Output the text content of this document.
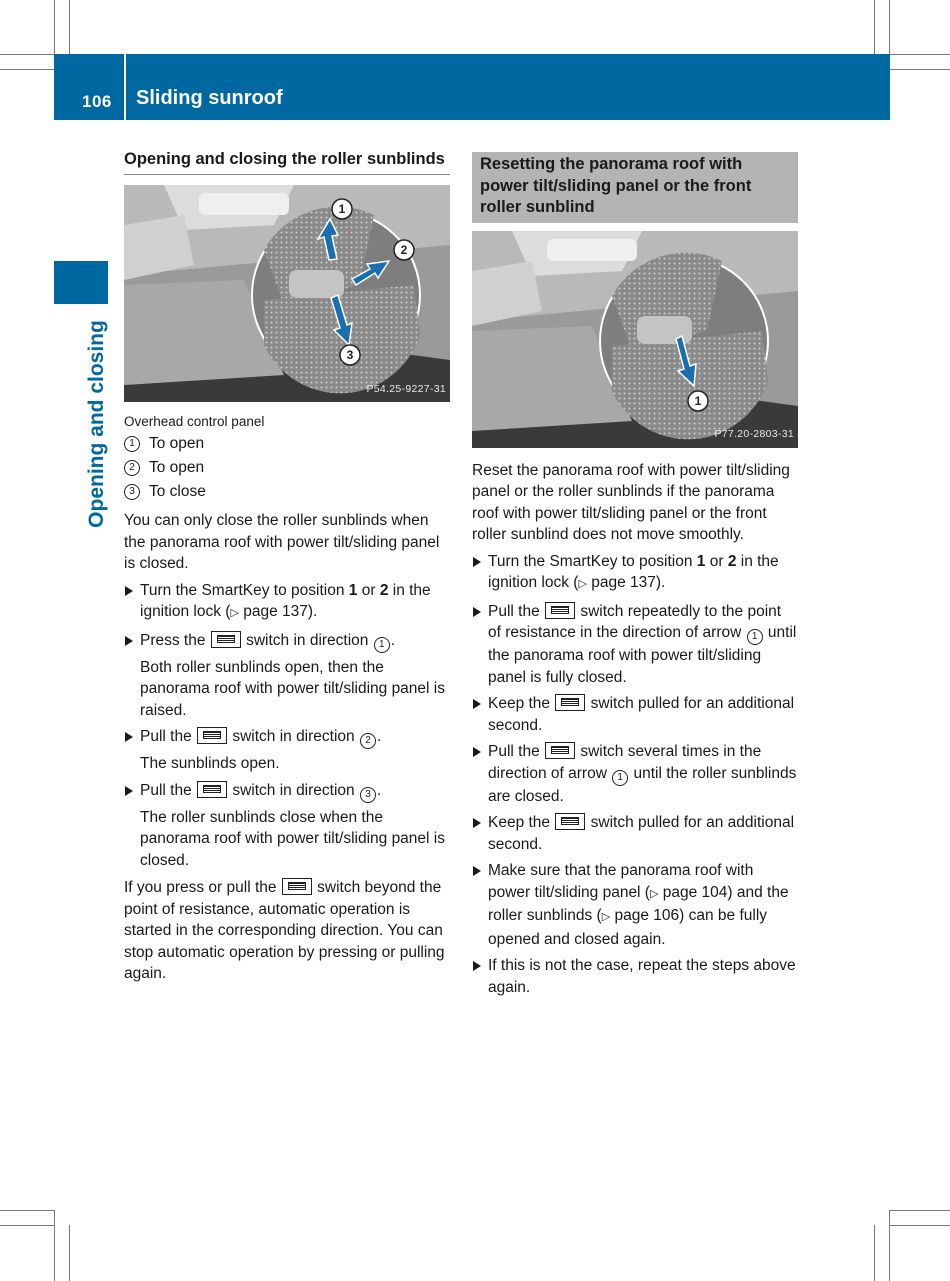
106 Sliding sunroof
Opening and closing
Opening and closing the roller sunblinds
1
2
3
P54.25-9227-31
Overhead control panel
1 To open
2 To open
3 To close

You can only close the roller sunblinds when the panorama roof with power tilt/sliding panel is closed.

Turn the SmartKey to position 1 or 2 in the ignition lock (▷ page 137).
Press the
switch in direction 1 .
Both roller sunblinds open, then the panorama roof with power tilt/sliding panel is raised.
Pull the
switch in direction 2 .
The sunblinds open.
Pull the
switch in direction 3 .
The roller sunblinds close when the panorama roof with power tilt/sliding panel is closed.

If you press or pull the
switch beyond the point of resistance, automatic operation is started in the corresponding direction. You can stop automatic operation by pressing or pulling again.

Resetting the panorama roof with power tilt/sliding panel or the front roller sunblind
1
P77.20-2803-31

Reset the panorama roof with power tilt/sliding panel or the roller sunblinds if the panorama roof with power tilt/sliding panel or the front roller sunblind does not move smoothly.

Turn the SmartKey to position 1 or 2 in the ignition lock (▷ page 137).
Pull the
switch repeatedly to the point of resistance in the direction of arrow 1 until the panorama roof with power tilt/sliding panel is fully closed.
Keep the
switch pulled for an additional second.
Pull the
switch several times in the direction of arrow 1 until the roller sunblinds are closed.
Keep the
switch pulled for an additional second.
Make sure that the panorama roof with power tilt/sliding panel (▷ page 104) and the roller sunblinds (▷ page 106) can be fully opened and closed again.
If this is not the case, repeat the steps above again.
